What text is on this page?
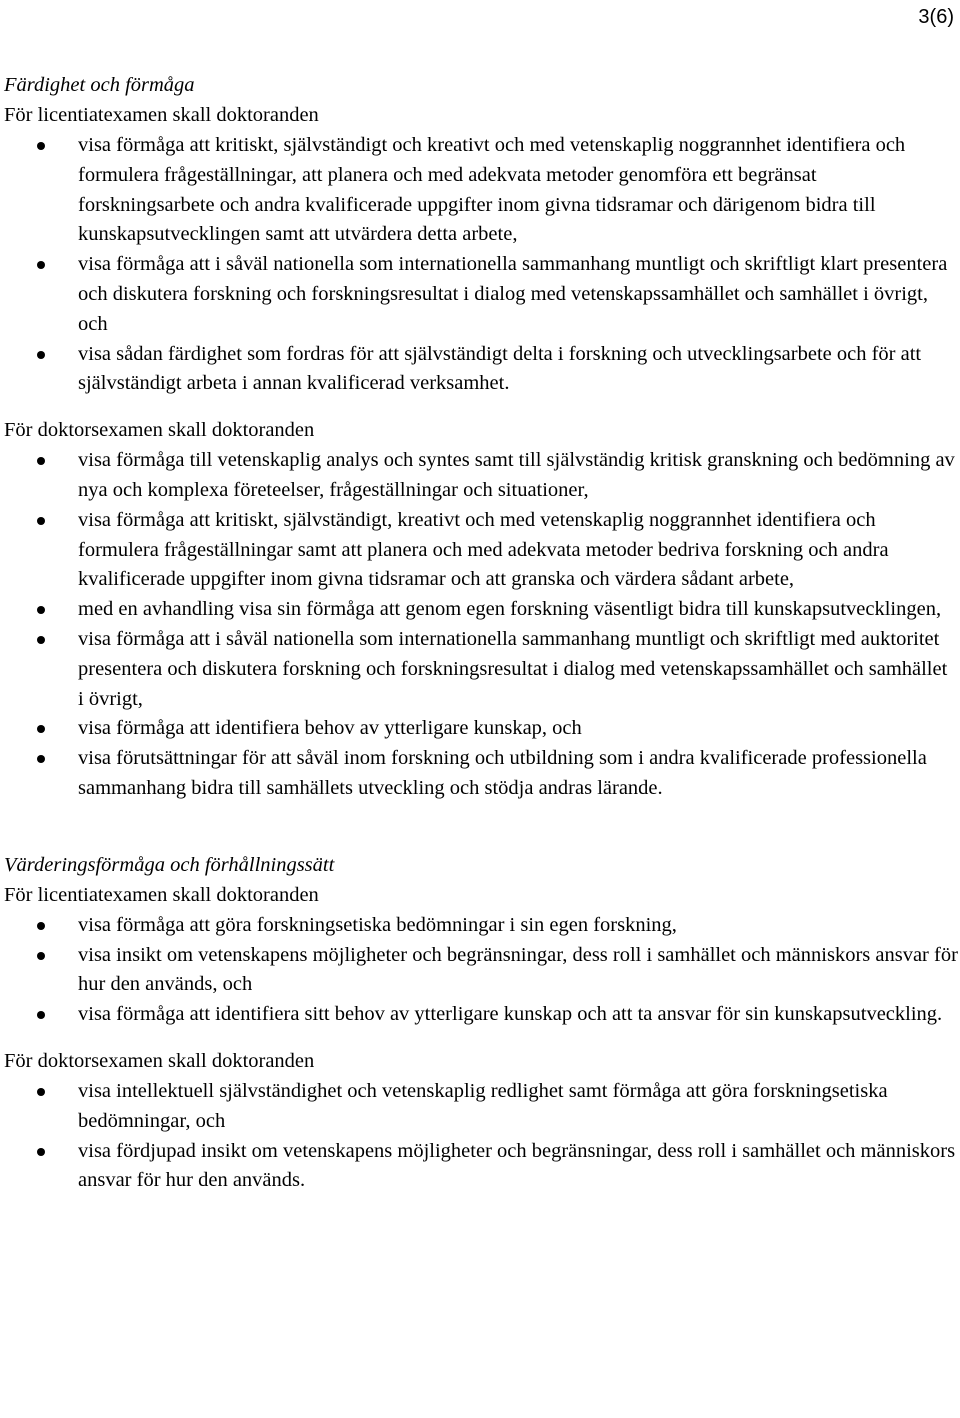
3(6)

Färdighet och förmåga

För licentiatexamen skall doktoranden

visa förmåga att kritiskt, självständigt och kreativt och med vetenskaplig noggrannhet identifiera och formulera frågeställningar, att planera och med adekvata metoder genomföra ett begränsat forskningsarbete och andra kvalificerade uppgifter inom givna tidsramar och därigenom bidra till kunskapsutvecklingen samt att utvärdera detta arbete,
visa förmåga att i såväl nationella som internationella sammanhang muntligt och skriftligt klart presentera och diskutera forskning och forskningsresultat i dialog med vetenskapssamhället och samhället i övrigt, och
visa sådan färdighet som fordras för att självständigt delta i forskning och utvecklingsarbete och för att självständigt arbeta i annan kvalificerad verksamhet.

För doktorsexamen skall doktoranden

visa förmåga till vetenskaplig analys och syntes samt till självständig kritisk granskning och bedömning av nya och komplexa företeelser, frågeställningar och situationer,
visa förmåga att kritiskt, självständigt, kreativt och med vetenskaplig noggrannhet identifiera och formulera frågeställningar samt att planera och med adekvata metoder bedriva forskning och andra kvalificerade uppgifter inom givna tidsramar och att granska och värdera sådant arbete,
med en avhandling visa sin förmåga att genom egen forskning väsentligt bidra till kunskapsutvecklingen,
visa förmåga att i såväl nationella som internationella sammanhang muntligt och skriftligt med auktoritet presentera och diskutera forskning och forskningsresultat i dialog med vetenskapssamhället och samhället i övrigt,
visa förmåga att identifiera behov av ytterligare kunskap, och
visa förutsättningar för att såväl inom forskning och utbildning som i andra kvalificerade professionella sammanhang bidra till samhällets utveckling och stödja andras lärande.

Värderingsförmåga och förhållningssätt

För licentiatexamen skall doktoranden

visa förmåga att göra forskningsetiska bedömningar i sin egen forskning,
visa insikt om vetenskapens möjligheter och begränsningar, dess roll i samhället och människors ansvar för hur den används, och
visa förmåga att identifiera sitt behov av ytterligare kunskap och att ta ansvar för sin kunskapsutveckling.

För doktorsexamen skall doktoranden

visa intellektuell självständighet och vetenskaplig redlighet samt förmåga att göra forskningsetiska bedömningar, och
visa fördjupad insikt om vetenskapens möjligheter och begränsningar, dess roll i samhället och människors ansvar för hur den används.
